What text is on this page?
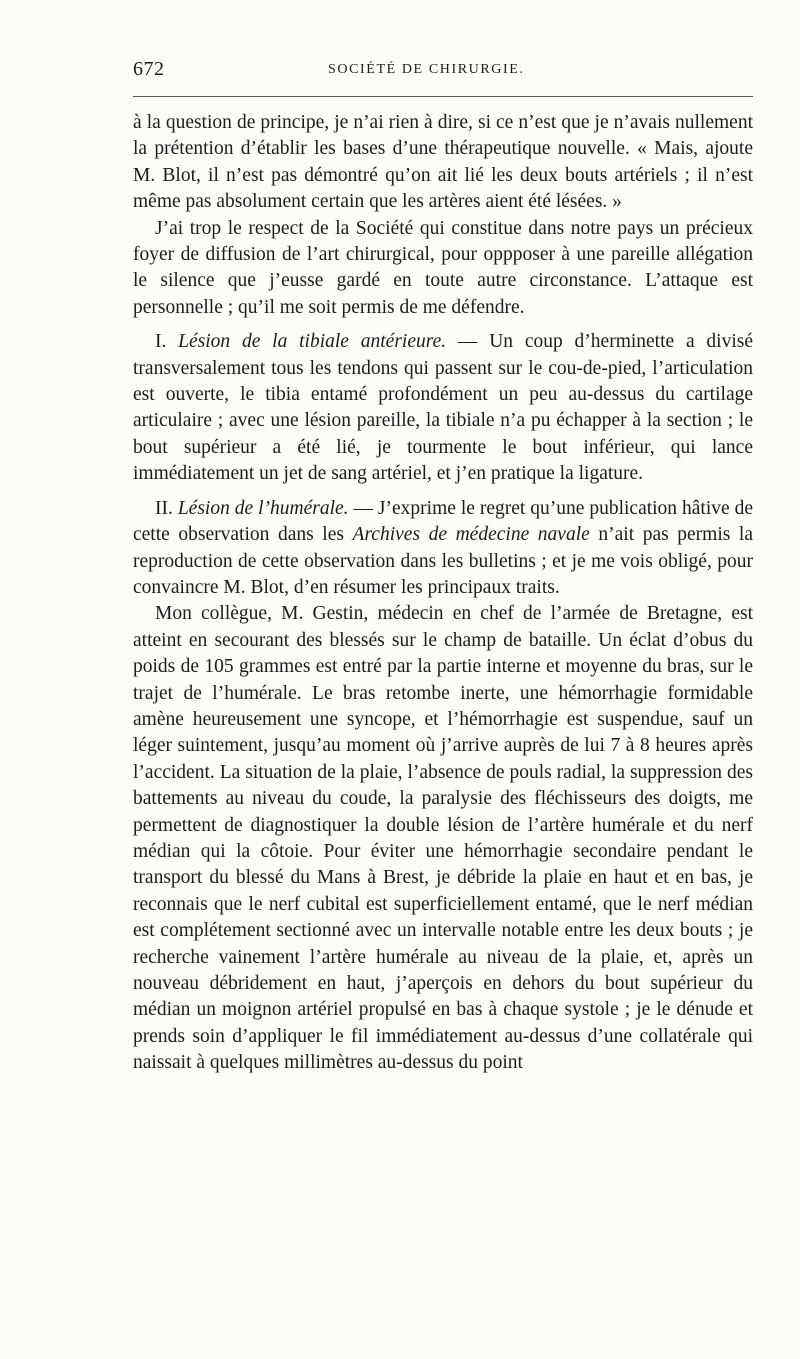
672	SOCIÉTÉ DE CHIRURGIE.

à la question de principe, je n’ai rien à dire, si ce n’est que je n’avais nullement la prétention d’établir les bases d’une thérapeutique nouvelle. « Mais, ajoute M. Blot, il n’est pas démontré qu’on ait lié les deux bouts artériels ; il n’est même pas absolument certain que les artères aient été lésées. »

J’ai trop le respect de la Société qui constitue dans notre pays un précieux foyer de diffusion de l’art chirurgical, pour oppposer à une pareille allégation le silence que j’eusse gardé en toute autre circonstance. L’attaque est personnelle ; qu’il me soit permis de me défendre.

I. Lésion de la tibiale antérieure. — Un coup d’herminette a divisé transversalement tous les tendons qui passent sur le cou-de-pied, l’articulation est ouverte, le tibia entamé profondément un peu au-dessus du cartilage articulaire ; avec une lésion pareille, la tibiale n’a pu échapper à la section ; le bout supérieur a été lié, je tourmente le bout inférieur, qui lance immédiatement un jet de sang artériel, et j’en pratique la ligature.

II. Lésion de l’humérale. — J’exprime le regret qu’une publication hâtive de cette observation dans les Archives de médecine navale n’ait pas permis la reproduction de cette observation dans les bulletins ; et je me vois obligé, pour convaincre M. Blot, d’en résumer les principaux traits.

Mon collègue, M. Gestin, médecin en chef de l’armée de Bretagne, est atteint en secourant des blessés sur le champ de bataille. Un éclat d’obus du poids de 105 grammes est entré par la partie interne et moyenne du bras, sur le trajet de l’humérale. Le bras retombe inerte, une hémorrhagie formidable amène heureusement une syncope, et l’hémorrhagie est suspendue, sauf un léger suintement, jusqu’au moment où j’arrive auprès de lui 7 à 8 heures après l’accident. La situation de la plaie, l’absence de pouls radial, la suppression des battements au niveau du coude, la paralysie des fléchisseurs des doigts, me permettent de diagnostiquer la double lésion de l’artère humérale et du nerf médian qui la côtoie. Pour éviter une hémorrhagie secondaire pendant le transport du blessé du Mans à Brest, je débride la plaie en haut et en bas, je reconnais que le nerf cubital est superficiellement entamé, que le nerf médian est complétement sectionné avec un intervalle notable entre les deux bouts ; je recherche vainement l’artère humérale au niveau de la plaie, et, après un nouveau débridement en haut, j’aperçois en dehors du bout supérieur du médian un moignon artériel propulsé en bas à chaque systole ; je le dénude et prends soin d’appliquer le fil immédiatement au-dessus d’une collatérale qui naissait à quelques millimètres au-dessus du point
